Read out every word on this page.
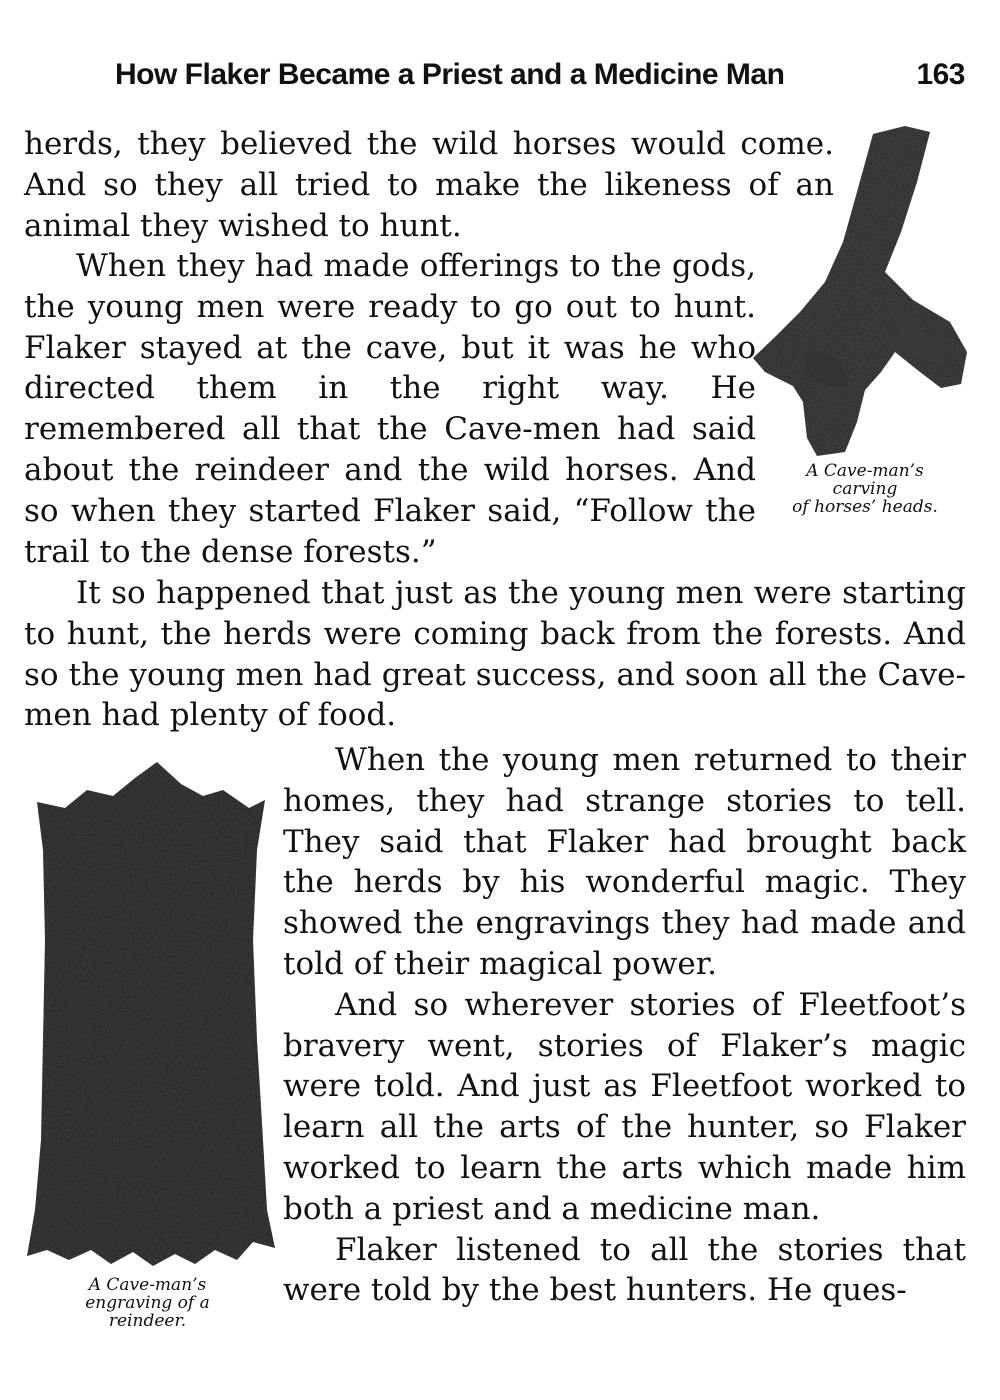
How Flaker Became a Priest and a Medicine Man	163

herds, they believed the wild horses would come. And so they all tried to make the likeness of an animal they wished to hunt.

When they had made offerings to the gods, the young men were ready to go out to hunt. Flaker stayed at the cave, but it was he who directed them in the right way. He remembered all that the Cave-men had said about the reindeer and the wild horses. And so when they started Flaker said, “Follow the trail to the dense forests.”

It so happened that just as the young men were starting to hunt, the herds were coming back from the forests. And so the young men had great success, and soon all the Cave-men had plenty of food.

When the young men returned to their homes, they had strange stories to tell. They said that Flaker had brought back the herds by his wonderful magic. They showed the engravings they had made and told of their magical power.

And so wherever stories of Fleetfoot’s bravery went, stories of Flaker’s magic were told. And just as Fleetfoot worked to learn all the arts of the hunter, so Flaker worked to learn the arts which made him both a priest and a medicine man.

Flaker listened to all the stories that were told by the best hunters. He ques-

A Cave-man’s
carving
of horses’ heads.
A Cave-man’s
engraving of a
reindeer.
